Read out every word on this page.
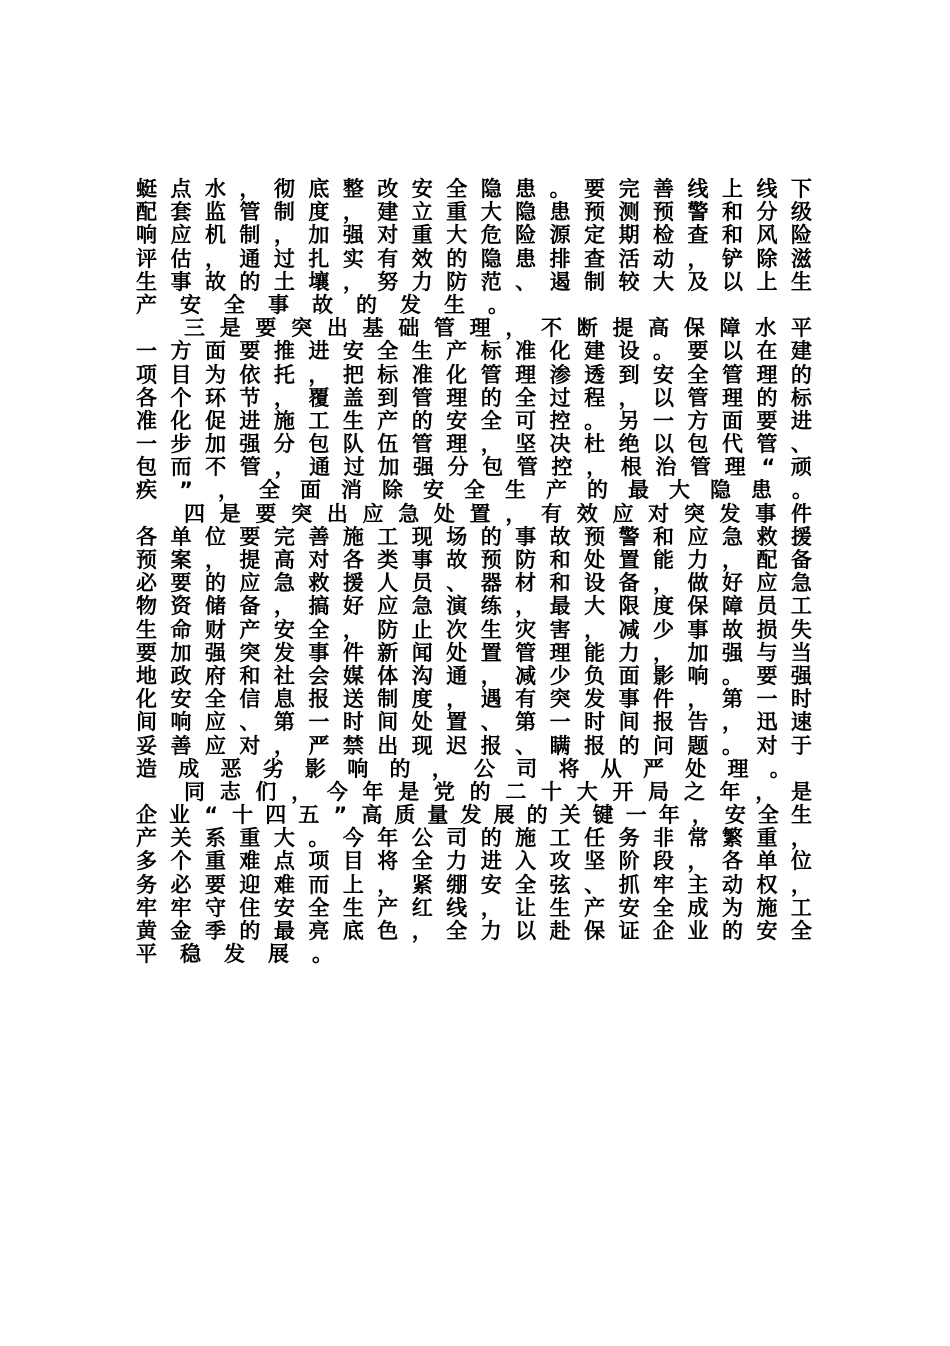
蜓 点 水 ， 彻 底 整 改 安 全 隐 患 。 要 完 善 线 上 线 下
配 套 监 管 制 度 ， 建 立 重 大 隐 患 预 测 预 警 和 分 级
响 应 机 制 ， 加 强 对 重 大 危 险 源 定 期 检 查 和 风 险
评 估 ， 通 过 扎 实 有 效 的 隐 患 排 查 活 动 ， 铲 除 滋
生 事 故 的 土 壤 ， 努 力 防 范 、 遏 制 较 大 及 以 上 生
产 安 全 事 故 的 发 生 。
三 是 要 突 出 基 础 管 理 ， 不 断 提 高 保 障 水 平
一 方 面 要 推 进 安 全 生 产 标 准 化 建 设 。 要 以 在 建
项 目 为 依 托 ， 把 标 准 化 管 理 渗 透 到 安 全 管 理 的
各 个 环 节 ， 覆 盖 到 管 理 的 全 过 程 ， 以 管 理 的 标
准 化 促 进 施 工 生 产 的 安 全 可 控 。 另 一 方 面 要 进
一 步 加 强 分 包 队 伍 管 理 ， 坚 决 杜 绝 以 包 代 管 、
包 而 不 管 ， 通 过 加 强 分 包 管 控 ， 根 治 管 理 “ 顽
疾 ” ， 全 面 消 除 安 全 生 产 的 最 大 隐 患 。
四 是 要 突 出 应 急 处 置 ， 有 效 应 对 突 发 事 件
各 单 位 要 完 善 施 工 现 场 的 事 故 预 警 和 应 急 救 援
预 案 ， 提 高 对 各 类 事 故 预 防 和 处 置 能 力 ， 配 备
必 要 的 应 急 救 援 人 员 、 器 材 和 设 备 ， 做 好 应 急
物 资 储 备 ， 搞 好 应 急 演 练 ， 最 大 限 度 保 障 员 工
生 命 财 产 安 全 ， 防 止 次 生 灾 害 ， 减 少 事 故 损 失
要 加 强 突 发 事 件 新 闻 处 置 管 理 能 力 ， 加 强 与 当
地 政 府 和 社 会 媒 体 沟 通 ， 减 少 负 面 影 响 。 要 强
化 安 全 信 息 报 送 制 度 ， 遇 有 突 发 事 件 ， 第 一 时
间 响 应 、 第 一 时 间 处 置 、 第 一 时 间 报 告 ， 迅 速
妥 善 应 对 ， 严 禁 出 现 迟 报 、 瞒 报 的 问 题 。 对 于
造 成 恶 劣 影 响 的 ， 公 司 将 从 严 处 理 。
同 志 们 ， 今 年 是 党 的 二 十 大 开 局 之 年 ， 是
企 业 “ 十 四 五 ” 高 质 量 发 展 的 关 键 一 年 ， 安 全 生
产 关 系 重 大 。 今 年 公 司 的 施 工 任 务 非 常 繁 重 ，
多 个 重 难 点 项 目 将 全 力 进 入 攻 坚 阶 段 ， 各 单 位
务 必 要 迎 难 而 上 ， 紧 绷 安 全 弦 、 抓 牢 主 动 权 ，
牢 牢 守 住 安 全 生 产 红 线 ， 让 生 产 安 全 成 为 施 工
黄 金 季 的 最 亮 底 色 ， 全 力 以 赴 保 证 企 业 的 安 全
平 稳 发 展 。
